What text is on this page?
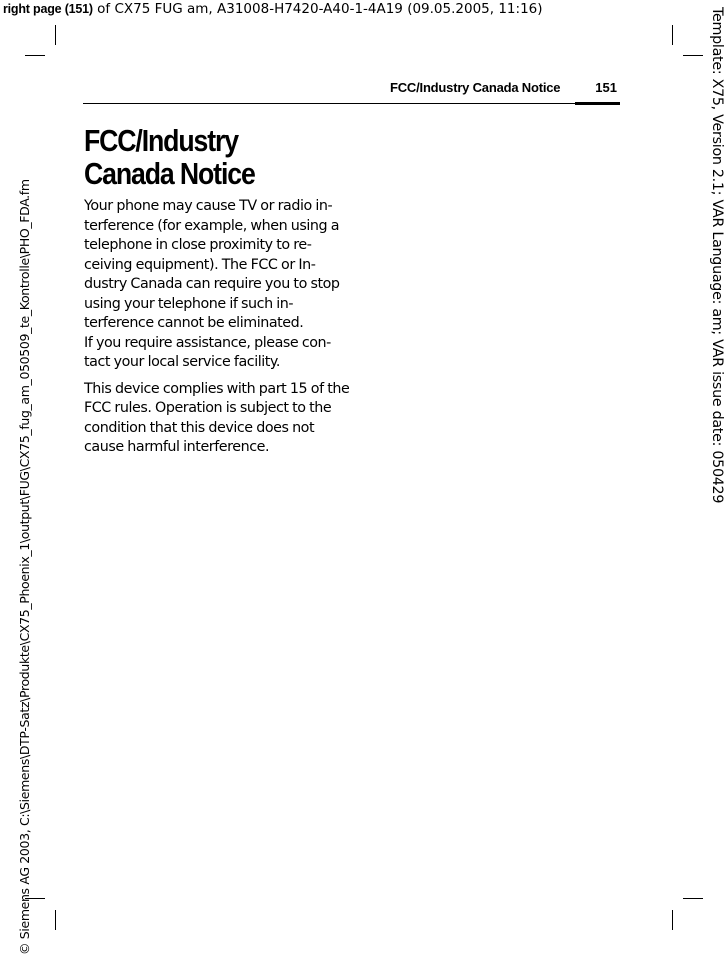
right page (151) of CX75 FUG am, A31008-H7420-A40-1-4A19 (09.05.2005, 11:16)
FCC/Industry Canada Notice	151
FCC/Industry
Canada Notice

Your phone may cause TV or radio in-terference (for example, when using a telephone in close proximity to re-ceiving equipment). The FCC or In-dustry Canada can require you to stop using your telephone if such in-terference cannot be eliminated.

If you require assistance, please con-tact your local service facility.

This device complies with part 15 of the FCC rules. Operation is subject to the condition that this device does not cause harmful interference.

© Siemens AG 2003, C:\Siemens\DTP-Satz\Produkte\CX75_Phoenix_1\output\FUG\CX75_fug_am_050509_te_Kontrolle\PHO_FDA.fm	Template: X75, Version 2.1; VAR Language: am; VAR issue date: 050429
